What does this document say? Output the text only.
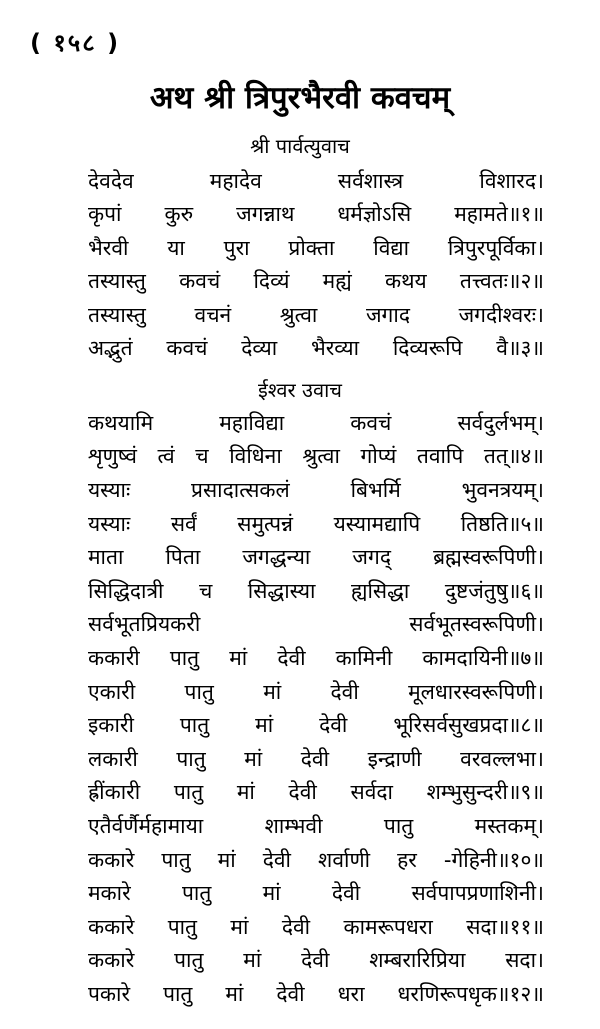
( १५८ )
अथ श्री त्रिपुरभैरवी कवचम्
श्री पार्वत्युवाच
देवदेव	महादेव	सर्वशास्त्र	विशारद।
कृपां कुरु जगन्नाथ धर्मज्ञोऽसि महामते॥१॥
भैरवी या पुरा प्रोक्ता विद्या त्रिपुरपूर्विका।
तस्यास्तु कवचं दिव्यं मह्यं कथय तत्त्वतः॥२॥
तस्यास्तु वचनं श्रुत्वा जगाद जगदीश्वरः।
अद्भुतं कवचं देव्या भैरव्या दिव्यरूपि वै॥३॥
ईश्वर उवाच
कथयामि	महाविद्या	कवचं	सर्वदुर्लभम्।
शृणुष्वं त्वं च विधिना श्रुत्वा गोप्यं तवापि तत्॥४॥
यस्याः	प्रसादात्सकलं	बिभर्मि	भुवनत्रयम्।
यस्याः सर्वं समुत्पन्नं यस्यामद्यापि तिष्ठति॥५॥
माता पिता जगद्धन्या जगद् ब्रह्मस्वरूपिणी।
सिद्धिदात्री च सिद्धास्या ह्यसिद्धा दुष्टजंतुषु॥६॥
सर्वभूतप्रियकरी	सर्वभूतस्वरूपिणी।
ककारी पातु मां देवी कामिनी कामदायिनी॥७॥
एकारी पातु मां देवी मूलधारस्वरूपिणी।
इकारी पातु मां देवी भूरिसर्वसुखप्रदा॥८॥
लकारी पातु मां देवी इन्द्राणी वरवल्लभा।
ह्रींकारी पातु मां देवी सर्वदा शम्भुसुन्दरी॥९॥
एतैर्वर्णैर्महामाया	शाम्भवी	पातु	मस्तकम्।
ककारे पातु मां देवी शर्वाणी हर -गेहिनी॥१०॥
मकारे पातु मां देवी सर्वपापप्रणाशिनी।
ककारे पातु मां देवी कामरूपधरा सदा॥११॥
ककारे पातु मां देवी शम्बरारिप्रिया सदा।
पकारे पातु मां देवी धरा धरणिरूपधृक॥१२॥
